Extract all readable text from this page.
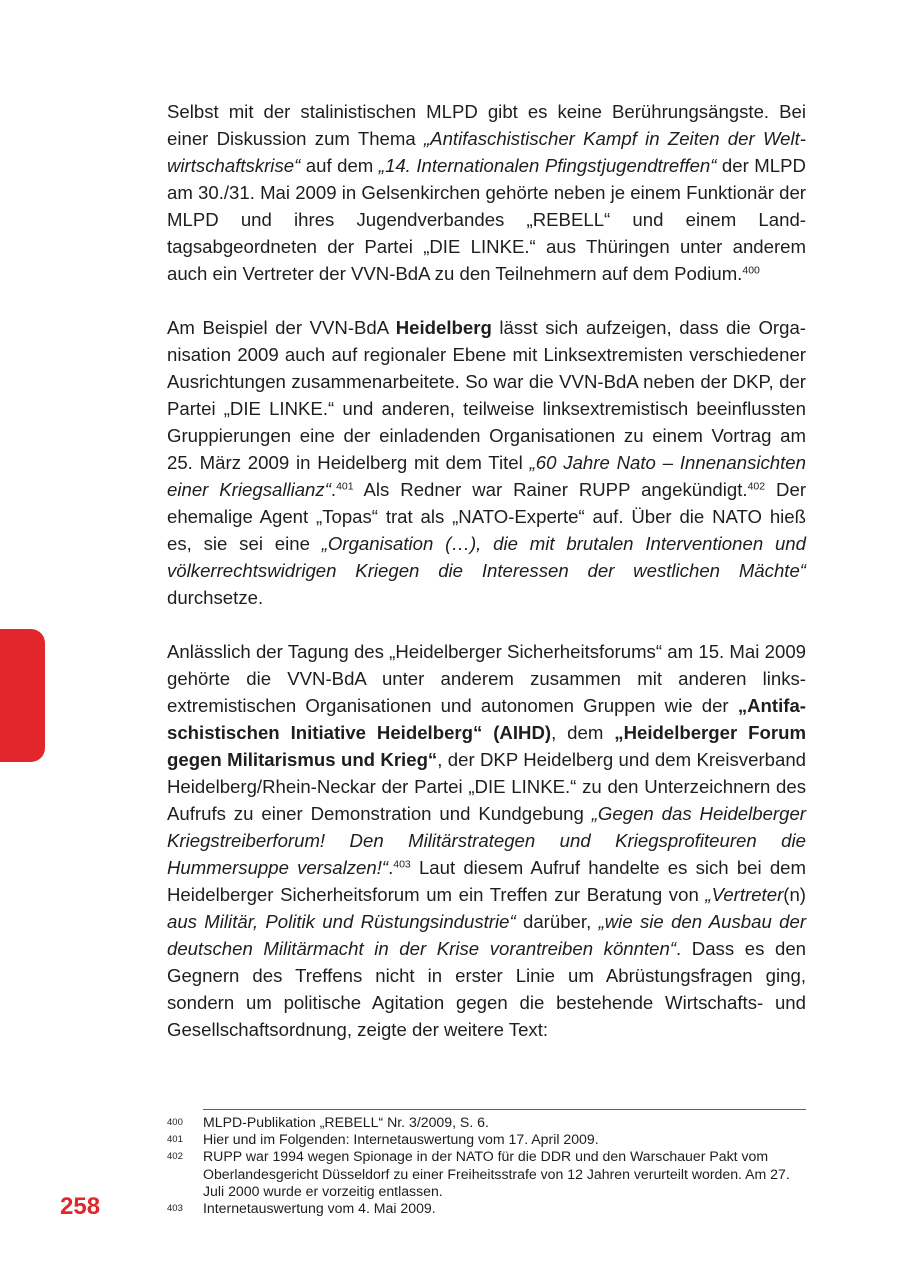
Selbst mit der stalinistischen MLPD gibt es keine Berührungsängste. Bei einer Diskussion zum Thema „Antifaschistischer Kampf in Zeiten der Weltwirtschaftskrise“ auf dem „14. Internationalen Pfingstjugendtreffen“ der MLPD am 30./31. Mai 2009 in Gelsenkirchen gehörte neben je einem Funktionär der MLPD und ihres Jugendverbandes „REBELL“ und einem Landtagsabgeordneten der Partei „DIE LINKE.“ aus Thüringen unter anderem auch ein Vertreter der VVN-BdA zu den Teilnehmern auf dem Podium.$^{400}$

Am Beispiel der VVN-BdA Heidelberg lässt sich aufzeigen, dass die Organisation 2009 auch auf regionaler Ebene mit Linksextremisten verschiedener Ausrichtungen zusammenarbeitete. So war die VVN-BdA neben der DKP, der Partei „DIE LINKE.“ und anderen, teilweise linksextremistisch beeinflussten Gruppierungen eine der einladenden Organisationen zu einem Vortrag am 25. März 2009 in Heidelberg mit dem Titel „60 Jahre Nato – Innenansichten einer Kriegsallianz“.$^{401}$ Als Redner war Rainer RUPP angekündigt.$^{402}$ Der ehemalige Agent „Topas“ trat als „NATO-Experte“ auf. Über die NATO hieß es, sie sei eine „Organisation (…), die mit brutalen Interventionen und völkerrechtswidrigen Kriegen die Interessen der westlichen Mächte“ durchsetze.

Anlässlich der Tagung des „Heidelberger Sicherheitsforums“ am 15. Mai 2009 gehörte die VVN-BdA unter anderem zusammen mit anderen linksextremistischen Organisationen und autonomen Gruppen wie der „Antifaschistischen Initiative Heidelberg“ (AIHD), dem „Heidelberger Forum gegen Militarismus und Krieg“, der DKP Heidelberg und dem Kreisverband Heidelberg/Rhein-Neckar der Partei „DIE LINKE.“ zu den Unterzeichnern des Aufrufs zu einer Demonstration und Kundgebung „Gegen das Heidelberger Kriegstreiberforum! Den Militärstrategen und Kriegsprofiteuren die Hummersuppe versalzen!“.$^{403}$ Laut diesem Aufruf handelte es sich bei dem Heidelberger Sicherheitsforum um ein Treffen zur Beratung von „Vertreter(n) aus Militär, Politik und Rüstungsindustrie“ darüber, „wie sie den Ausbau der deutschen Militärmacht in der Krise vorantreiben könnten“. Dass es den Gegnern des Treffens nicht in erster Linie um Abrüstungsfragen ging, sondern um politische Agitation gegen die bestehende Wirtschafts- und Gesellschaftsordnung, zeigte der weitere Text:

400	MLPD-Publikation „REBELL“ Nr. 3/2009, S. 6.
401	Hier und im Folgenden: Internetauswertung vom 17. April 2009.
402	RUPP war 1994 wegen Spionage in der NATO für die DDR und den Warschauer Pakt vom Oberlandesgericht Düsseldorf zu einer Freiheitsstrafe von 12 Jahren verurteilt worden. Am 27. Juli 2000 wurde er vorzeitig entlassen.
403	Internetauswertung vom 4. Mai 2009.
258
